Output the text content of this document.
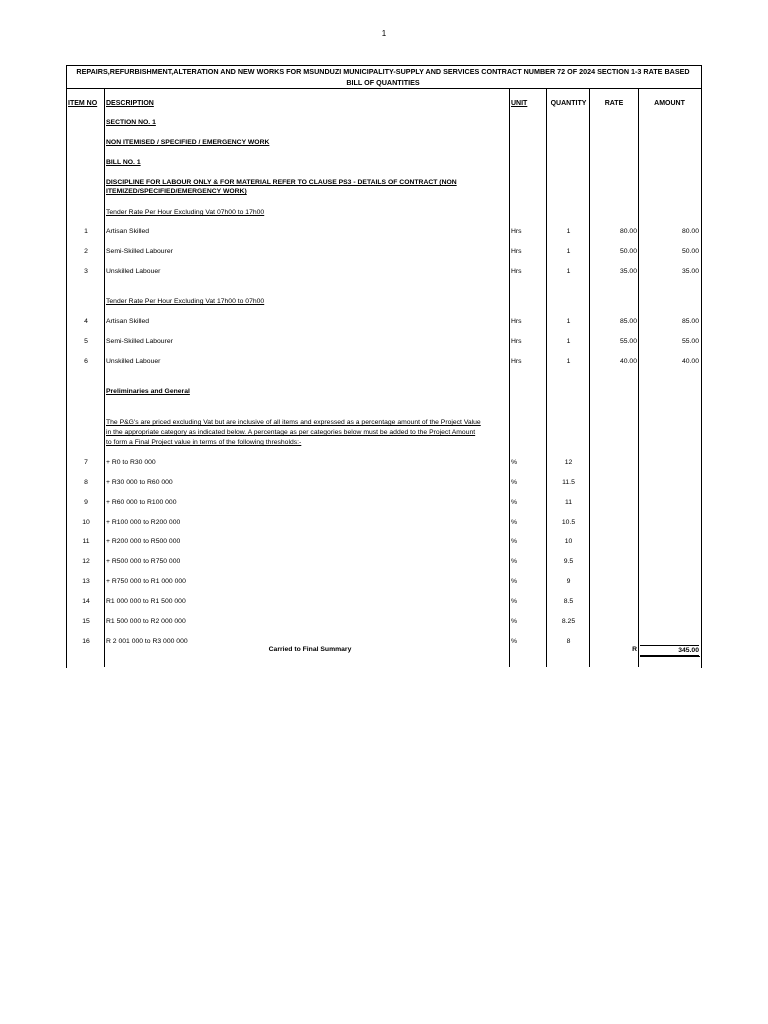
1
REPAIRS,REFURBISHMENT,ALTERATION AND NEW WORKS FOR MSUNDUZI MUNICIPALITY-SUPPLY AND SERVICES CONTRACT NUMBER 72 OF 2024 SECTION 1-3 RATE BASED
BILL OF QUANTITIES
ITEM NO DESCRIPTION	UNIT	QUANTITY	RATE	AMOUNT
SECTION NO. 1
NON ITEMISED / SPECIFIED / EMERGENCY WORK
BILL NO. 1
DISCIPLINE FOR LABOUR ONLY & FOR MATERIAL REFER TO CLAUSE PS3 - DETAILS OF CONTRACT (NON
ITEMIZED/SPECIFIED/EMERGENCY WORK)
Tender Rate Per Hour Excluding Vat 07h00 to 17h00
1	Artisan Skilled	Hrs	1	80.00	80.00
2	Semi-Skilled Labourer	Hrs	1	50.00	50.00
3	Unskilled Labouer	Hrs	1	35.00	35.00
Tender Rate Per Hour Excluding Vat 17h00 to 07h00
4	Artisan Skilled	Hrs	1	85.00	85.00
5	Semi-Skilled Labourer	Hrs	1	55.00	55.00
6	Unskilled Labouer	Hrs	1	40.00	40.00
Preliminaries and General
The P&G's are priced excluding Vat but are inclusive of all items and expressed as a percentage amount of the Project Value
in the appropriate category as indicated below. A percentage as per categories below must be added to the Project Amount
to form a Final Project value in terms of the following thresholds:-
7	+ R0 to R30 000	%	12
8	+ R30 000 to R60 000	%	11.5
9	+ R60 000 to R100 000	%	11
10	+ R100 000 to R200 000	%	10.5
11	+ R200 000 to R500 000	%	10
12	+ R500 000 to R750 000	%	9.5
13	+ R750 000 to R1 000 000	%	9
14	R1 000 000 to R1 500 000	%	8.5
15	R1 500 000 to R2 000 000	%	8.25
16	R 2 001 000 to R3 000 000	%	8
Carried to Final Summary	R	345.00
